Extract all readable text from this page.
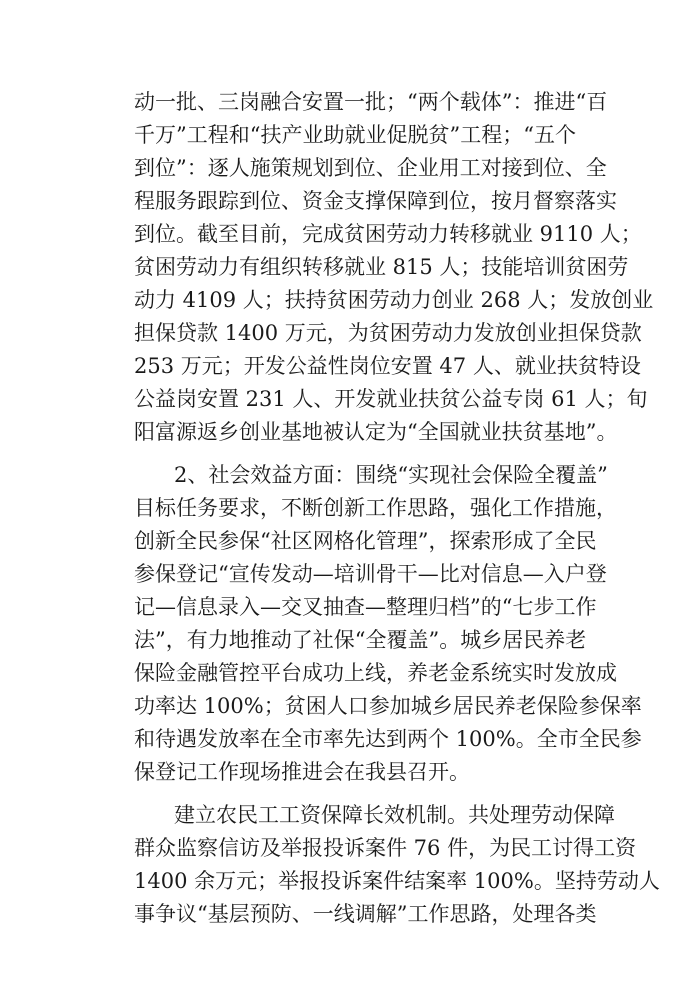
动一批、三岗融合安置一批；“两个载体”：推进“百
千万”工程和“扶产业助就业促脱贫”工程；“五个
到位”：逐人施策规划到位、企业用工对接到位、全
程服务跟踪到位、资金支撑保障到位，按月督察落实
到位。截至目前，完成贫困劳动力转移就业 9110 人；
贫困劳动力有组织转移就业 815 人；技能培训贫困劳
动力 4109 人；扶持贫困劳动力创业 268 人；发放创业
担保贷款 1400 万元，为贫困劳动力发放创业担保贷款
253 万元；开发公益性岗位安置 47 人、就业扶贫特设
公益岗安置 231 人、开发就业扶贫公益专岗 61 人；旬
阳富源返乡创业基地被认定为“全国就业扶贫基地”。
2、社会效益方面：围绕“实现社会保险全覆盖”
目标任务要求，不断创新工作思路，强化工作措施，
创新全民参保“社区网格化管理”，探索形成了全民
参保登记“宣传发动—培训骨干—比对信息—入户登
记—信息录入—交叉抽查—整理归档”的“七步工作
法”，有力地推动了社保“全覆盖”。城乡居民养老
保险金融管控平台成功上线，养老金系统实时发放成
功率达 100%；贫困人口参加城乡居民养老保险参保率
和待遇发放率在全市率先达到两个 100%。全市全民参
保登记工作现场推进会在我县召开。
建立农民工工资保障长效机制。共处理劳动保障
群众监察信访及举报投诉案件 76 件，为民工讨得工资
1400 余万元；举报投诉案件结案率 100%。坚持劳动人
事争议“基层预防、一线调解”工作思路，处理各类
